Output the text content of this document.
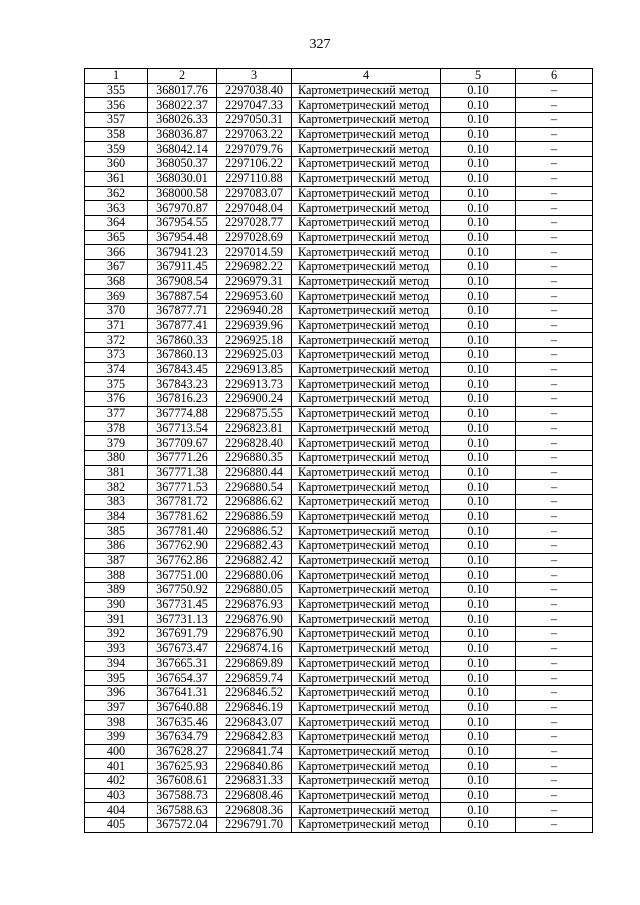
327
1	2	3	4	5	6
355	368017.76	2297038.40	Картометрический метод	0.10	–
356	368022.37	2297047.33	Картометрический метод	0.10	–
357	368026.33	2297050.31	Картометрический метод	0.10	–
358	368036.87	2297063.22	Картометрический метод	0.10	–
359	368042.14	2297079.76	Картометрический метод	0.10	–
360	368050.37	2297106.22	Картометрический метод	0.10	–
361	368030.01	2297110.88	Картометрический метод	0.10	–
362	368000.58	2297083.07	Картометрический метод	0.10	–
363	367970.87	2297048.04	Картометрический метод	0.10	–
364	367954.55	2297028.77	Картометрический метод	0.10	–
365	367954.48	2297028.69	Картометрический метод	0.10	–
366	367941.23	2297014.59	Картометрический метод	0.10	–
367	367911.45	2296982.22	Картометрический метод	0.10	–
368	367908.54	2296979.31	Картометрический метод	0.10	–
369	367887.54	2296953.60	Картометрический метод	0.10	–
370	367877.71	2296940.28	Картометрический метод	0.10	–
371	367877.41	2296939.96	Картометрический метод	0.10	–
372	367860.33	2296925.18	Картометрический метод	0.10	–
373	367860.13	2296925.03	Картометрический метод	0.10	–
374	367843.45	2296913.85	Картометрический метод	0.10	–
375	367843.23	2296913.73	Картометрический метод	0.10	–
376	367816.23	2296900.24	Картометрический метод	0.10	–
377	367774.88	2296875.55	Картометрический метод	0.10	–
378	367713.54	2296823.81	Картометрический метод	0.10	–
379	367709.67	2296828.40	Картометрический метод	0.10	–
380	367771.26	2296880.35	Картометрический метод	0.10	–
381	367771.38	2296880.44	Картометрический метод	0.10	–
382	367771.53	2296880.54	Картометрический метод	0.10	–
383	367781.72	2296886.62	Картометрический метод	0.10	–
384	367781.62	2296886.59	Картометрический метод	0.10	–
385	367781.40	2296886.52	Картометрический метод	0.10	–
386	367762.90	2296882.43	Картометрический метод	0.10	–
387	367762.86	2296882.42	Картометрический метод	0.10	–
388	367751.00	2296880.06	Картометрический метод	0.10	–
389	367750.92	2296880.05	Картометрический метод	0.10	–
390	367731.45	2296876.93	Картометрический метод	0.10	–
391	367731.13	2296876.90	Картометрический метод	0.10	–
392	367691.79	2296876.90	Картометрический метод	0.10	–
393	367673.47	2296874.16	Картометрический метод	0.10	–
394	367665.31	2296869.89	Картометрический метод	0.10	–
395	367654.37	2296859.74	Картометрический метод	0.10	–
396	367641.31	2296846.52	Картометрический метод	0.10	–
397	367640.88	2296846.19	Картометрический метод	0.10	–
398	367635.46	2296843.07	Картометрический метод	0.10	–
399	367634.79	2296842.83	Картометрический метод	0.10	–
400	367628.27	2296841.74	Картометрический метод	0.10	–
401	367625.93	2296840.86	Картометрический метод	0.10	–
402	367608.61	2296831.33	Картометрический метод	0.10	–
403	367588.73	2296808.46	Картометрический метод	0.10	–
404	367588.63	2296808.36	Картометрический метод	0.10	–
405	367572.04	2296791.70	Картометрический метод	0.10	–
